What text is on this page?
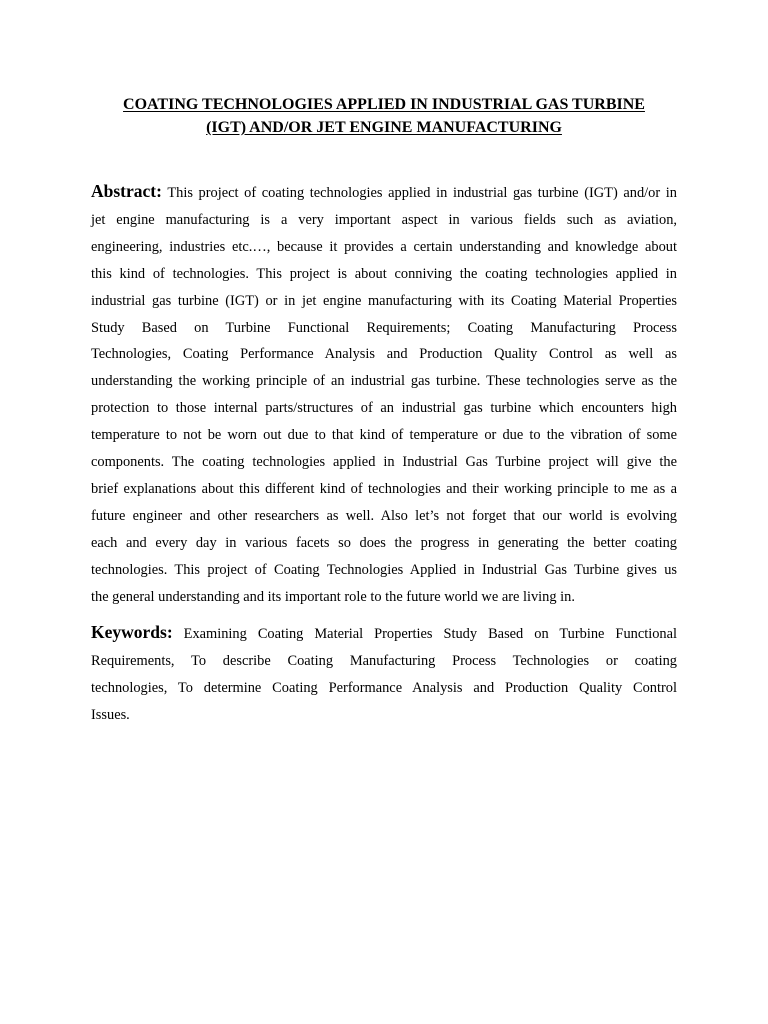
COATING TECHNOLOGIES APPLIED IN INDUSTRIAL GAS TURBINE
(IGT) AND/OR JET ENGINE MANUFACTURING
Abstract: This project of coating technologies applied in industrial gas turbine (IGT) and/or in
jet engine manufacturing is a very important aspect in various fields such as aviation,
engineering, industries etc.…, because it provides a certain understanding and knowledge about
this kind of technologies. This project is about conniving the coating technologies applied in
industrial gas turbine (IGT) or in jet engine manufacturing with its Coating Material Properties
Study Based on Turbine Functional Requirements; Coating Manufacturing Process
Technologies, Coating Performance Analysis and Production Quality Control as well as
understanding the working principle of an industrial gas turbine. These technologies serve as the
protection to those internal parts/structures of an industrial gas turbine which encounters high
temperature to not be worn out due to that kind of temperature or due to the vibration of some
components. The coating technologies applied in Industrial Gas Turbine project will give the
brief explanations about this different kind of technologies and their working principle to me as a
future engineer and other researchers as well. Also let’s not forget that our world is evolving
each and every day in various facets so does the progress in generating the better coating
technologies. This project of Coating Technologies Applied in Industrial Gas Turbine gives us
the general understanding and its important role to the future world we are living in.
Keywords: Examining Coating Material Properties Study Based on Turbine Functional
Requirements, To describe Coating Manufacturing Process Technologies or coating
technologies, To determine Coating Performance Analysis and Production Quality Control
Issues.
